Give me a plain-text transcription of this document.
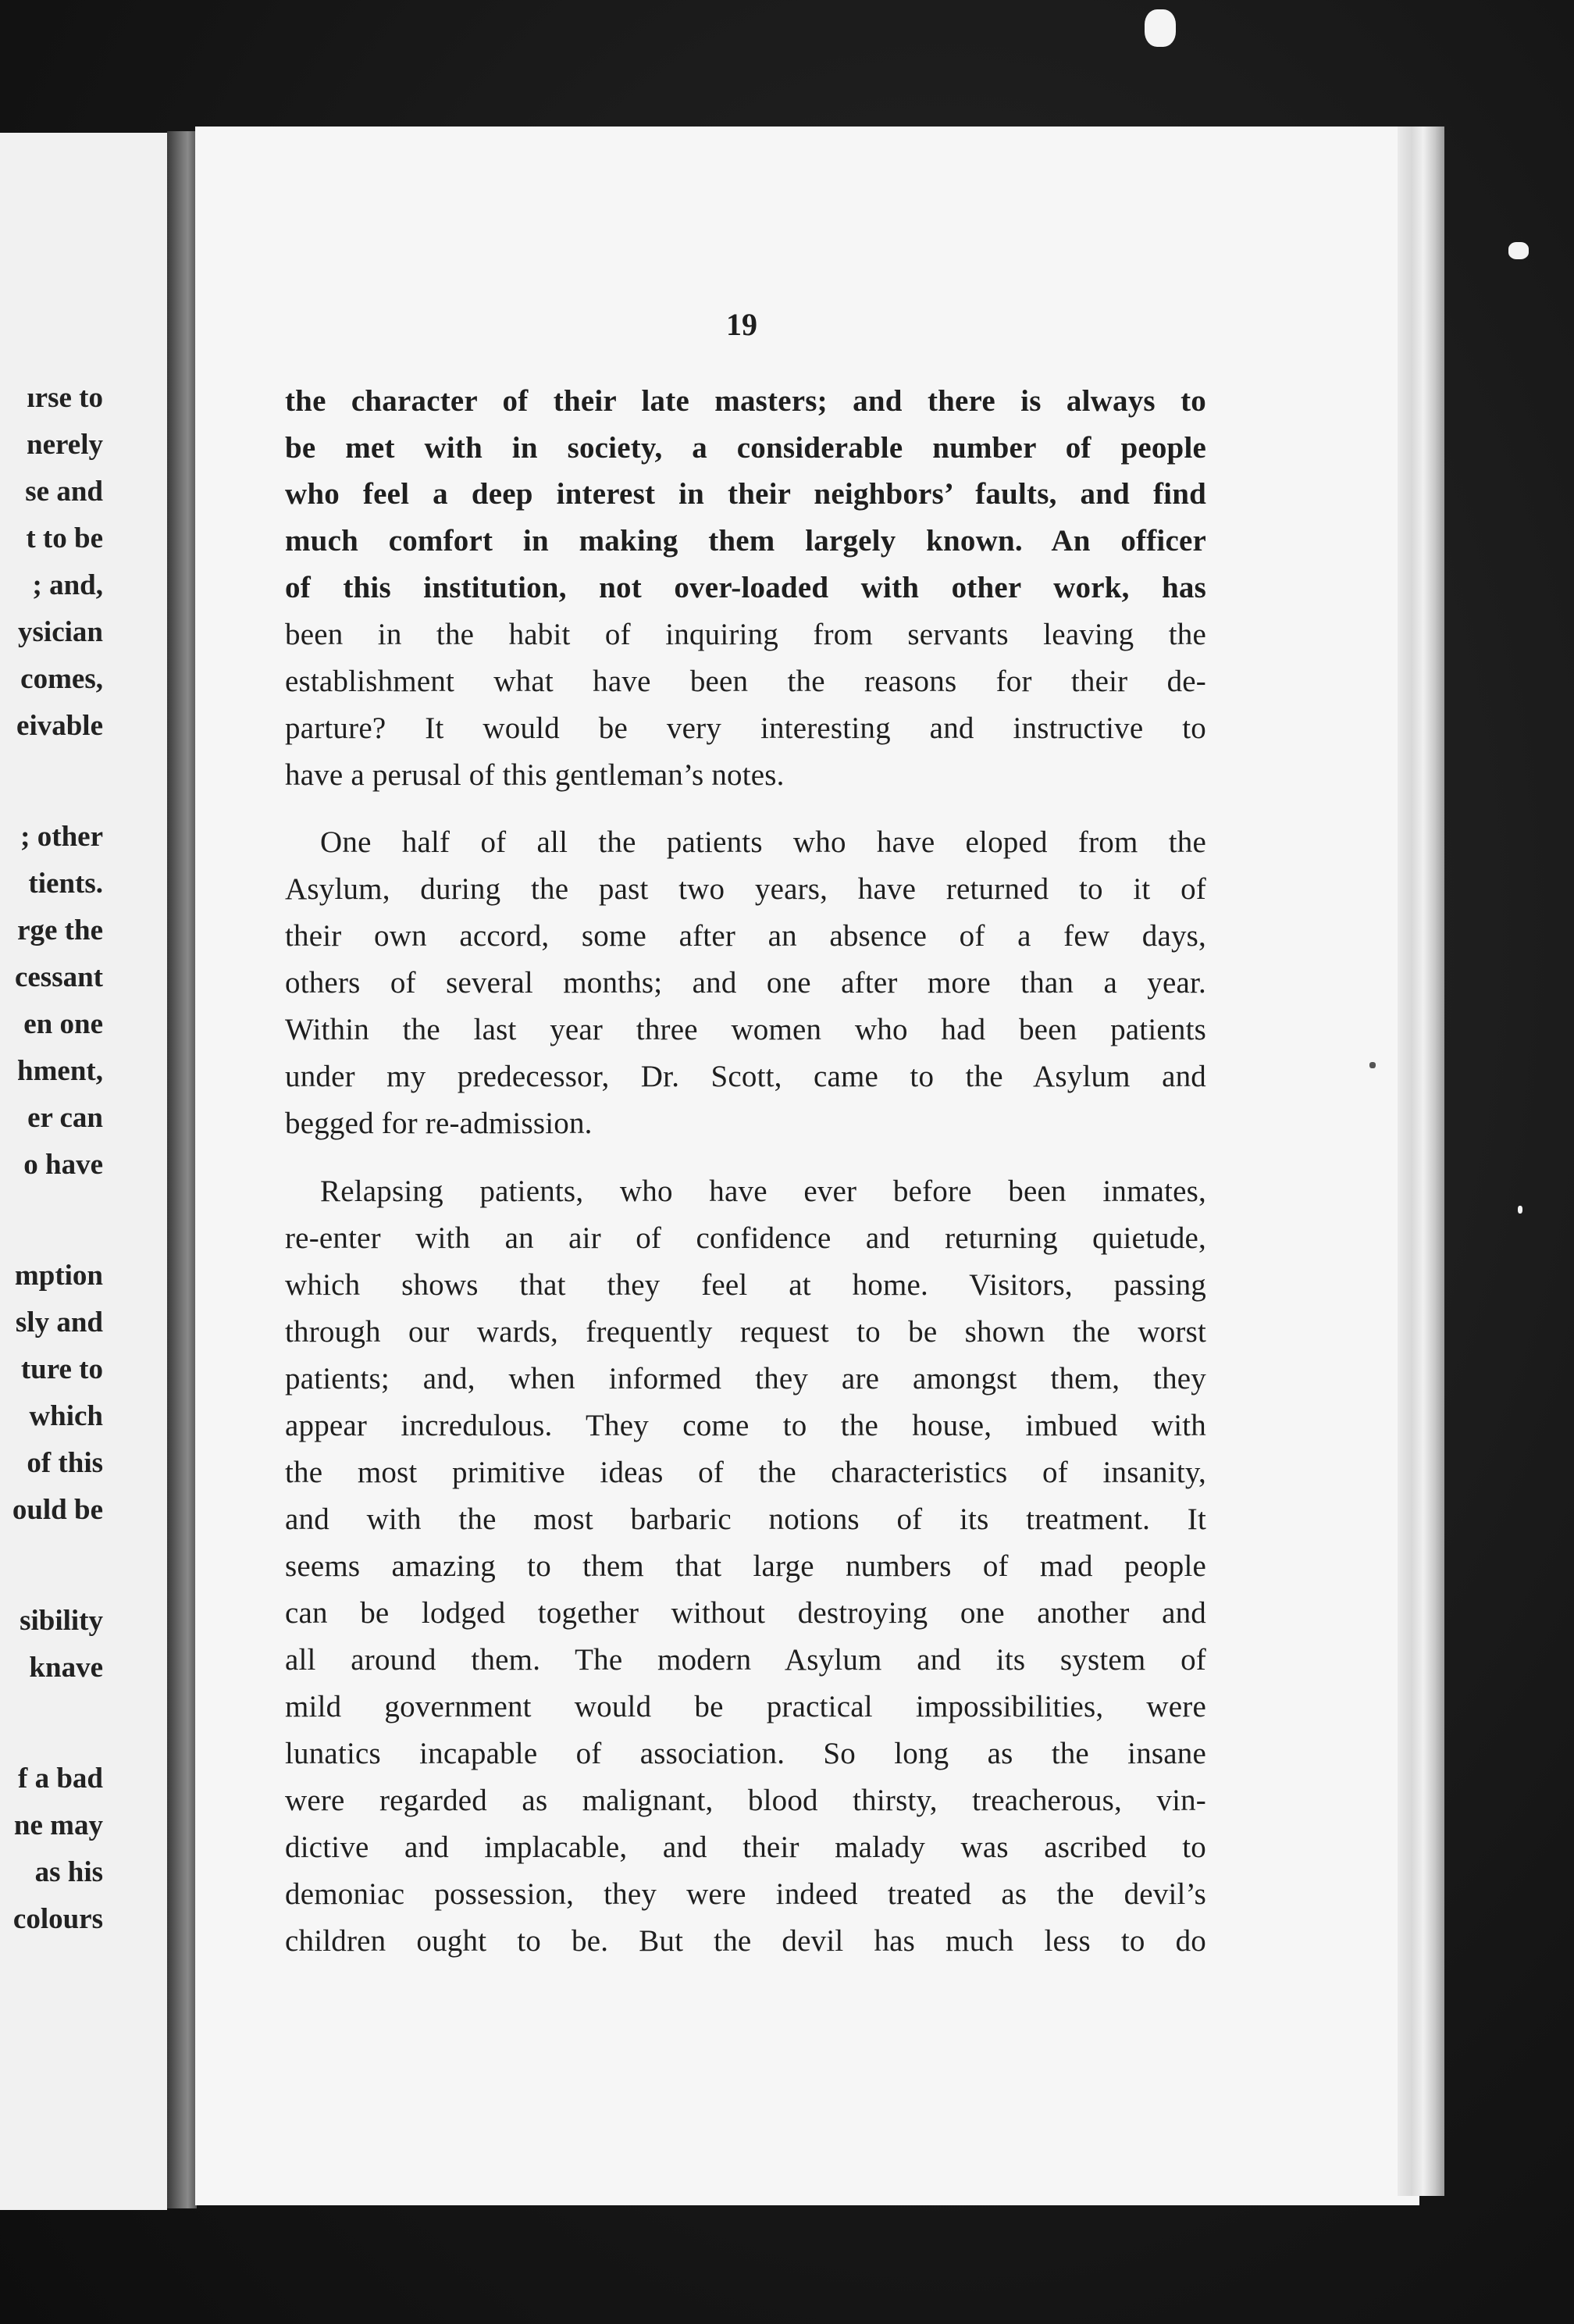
ırse to
nerely
se and
t to be
; and,
ysician
comes,
eivable
; other
tients.
rge the
cessant
en one
hment,
er can
o have
mption
sly and
ture to
which
of this
ould be
sibility
knave
f a bad
ne may
as his
colours
19
the character of their late masters; and there is always to
be met with in society, a considerable number of people
who feel a deep interest in their neighbors’ faults, and find
much comfort in making them largely known. An officer
of this institution, not over-loaded with other work, has
been in the habit of inquiring from servants leaving the
establishment what have been the reasons for their de-
parture? It would be very interesting and instructive to
have a perusal of this gentleman’s notes.
One half of all the patients who have eloped from the
Asylum, during the past two years, have returned to it of
their own accord, some after an absence of a few days,
others of several months; and one after more than a year.
Within the last year three women who had been patients
under my predecessor, Dr. Scott, came to the Asylum and
begged for re-admission.
Relapsing patients, who have ever before been inmates,
re-enter with an air of confidence and returning quietude,
which shows that they feel at home. Visitors, passing
through our wards, frequently request to be shown the worst
patients; and, when informed they are amongst them, they
appear incredulous. They come to the house, imbued with
the most primitive ideas of the characteristics of insanity,
and with the most barbaric notions of its treatment. It
seems amazing to them that large numbers of mad people
can be lodged together without destroying one another and
all around them. The modern Asylum and its system of
mild government would be practical impossibilities, were
lunatics incapable of association. So long as the insane
were regarded as malignant, blood thirsty, treacherous, vin-
dictive and implacable, and their malady was ascribed to
demoniac possession, they were indeed treated as the devil’s
children ought to be. But the devil has much less to do
